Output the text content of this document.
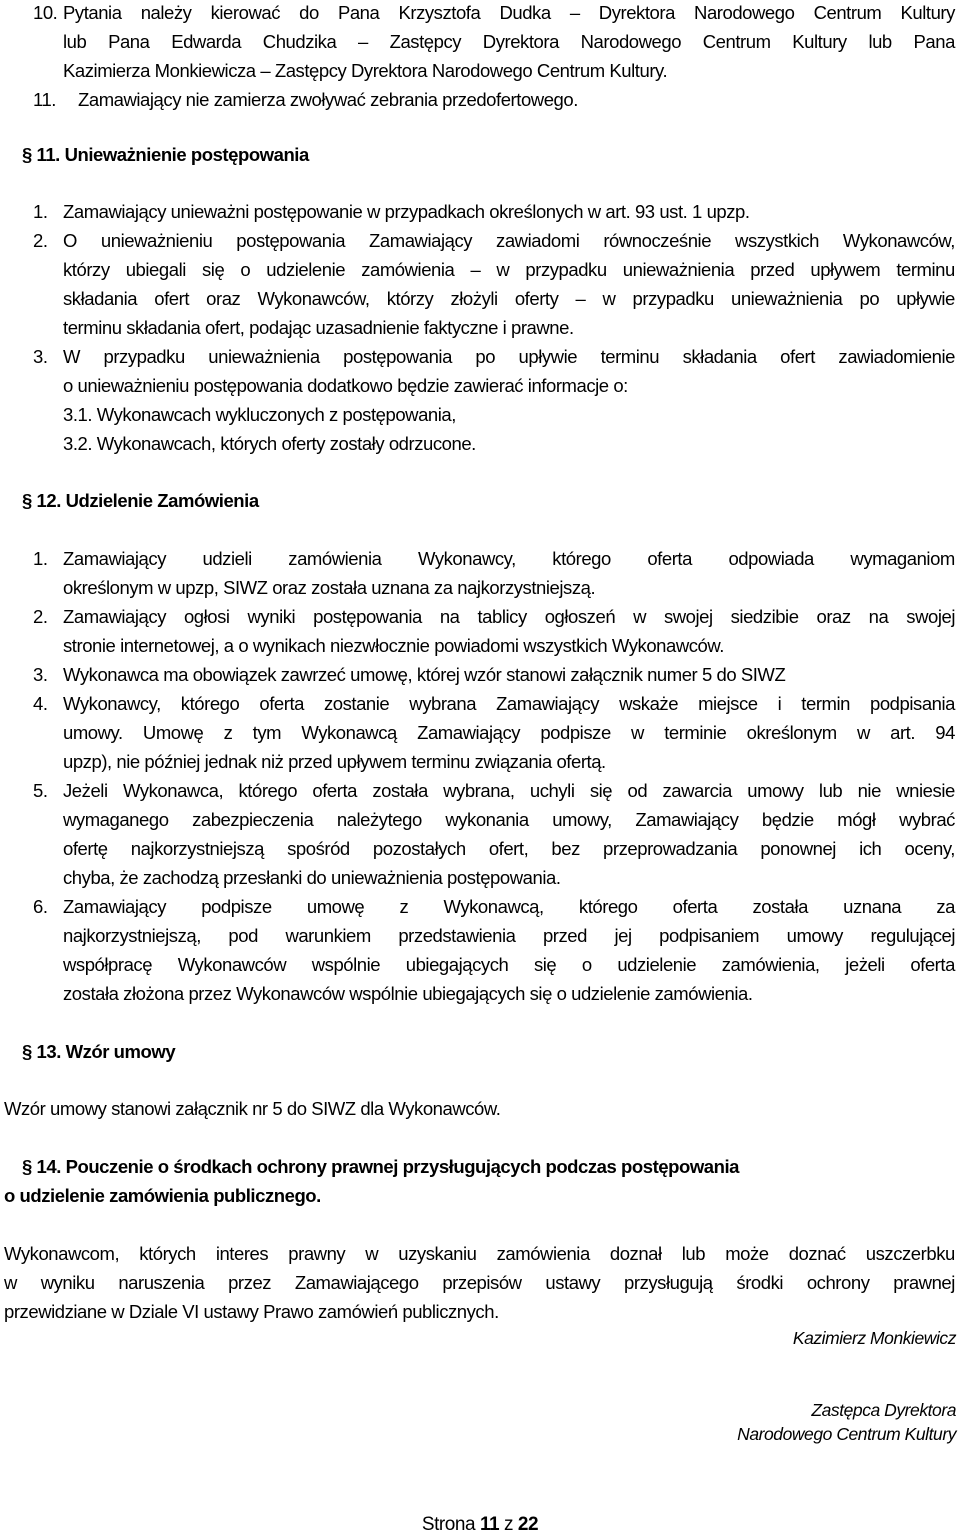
10. Pytania należy kierować do Pana Krzysztofa Dudka – Dyrektora Narodowego Centrum Kultury
lub Pana Edwarda Chudzika – Zastępcy Dyrektora Narodowego Centrum Kultury lub Pana
Kazimierza Monkiewicza – Zastępcy Dyrektora Narodowego Centrum Kultury.
11. Zamawiający nie zamierza zwoływać zebrania przedofertowego.
§ 11. Unieważnienie postępowania
1. Zamawiający unieważni postępowanie w przypadkach określonych w art. 93 ust. 1 upzp.
2. O unieważnieniu postępowania Zamawiający zawiadomi równocześnie wszystkich Wykonawców,
którzy ubiegali się o udzielenie zamówienia – w przypadku unieważnienia przed upływem terminu
składania ofert oraz Wykonawców, którzy złożyli oferty – w przypadku unieważnienia po upływie
terminu składania ofert, podając uzasadnienie faktyczne i prawne.
3. W przypadku unieważnienia postępowania po upływie terminu składania ofert zawiadomienie
o unieważnieniu postępowania dodatkowo będzie zawierać informacje o:
3.1. Wykonawcach wykluczonych z postępowania,
3.2. Wykonawcach, których oferty zostały odrzucone.
§ 12. Udzielenie Zamówienia
1. Zamawiający udzieli zamówienia Wykonawcy, którego oferta odpowiada wymaganiom
określonym w upzp, SIWZ oraz została uznana za najkorzystniejszą.
2. Zamawiający ogłosi wyniki postępowania na tablicy ogłoszeń w swojej siedzibie oraz na swojej
stronie internetowej, a o wynikach niezwłocznie powiadomi wszystkich Wykonawców.
3. Wykonawca ma obowiązek zawrzeć umowę, której wzór stanowi załącznik numer 5 do SIWZ
4. Wykonawcy, którego oferta zostanie wybrana Zamawiający wskaże miejsce i termin podpisania
umowy. Umowę z tym Wykonawcą Zamawiający podpisze w terminie określonym w art. 94
upzp), nie później jednak niż przed upływem terminu związania ofertą.
5. Jeżeli Wykonawca, którego oferta została wybrana, uchyli się od zawarcia umowy lub nie wniesie
wymaganego zabezpieczenia należytego wykonania umowy, Zamawiający będzie mógł wybrać
ofertę najkorzystniejszą spośród pozostałych ofert, bez przeprowadzania ponownej ich oceny,
chyba, że zachodzą przesłanki do unieważnienia postępowania.
6. Zamawiający podpisze umowę z Wykonawcą, którego oferta została uznana za
najkorzystniejszą, pod warunkiem przedstawienia przed jej podpisaniem umowy regulującej
współpracę Wykonawców wspólnie ubiegających się o udzielenie zamówienia, jeżeli oferta
została złożona przez Wykonawców wspólnie ubiegających się o udzielenie zamówienia.
§ 13. Wzór umowy
Wzór umowy stanowi załącznik nr 5 do SIWZ dla Wykonawców.
§ 14. Pouczenie o środkach ochrony prawnej przysługujących podczas postępowania
o udzielenie zamówienia publicznego.
Wykonawcom, których interes prawny w uzyskaniu zamówienia doznał lub może doznać uszczerbku
w wyniku naruszenia przez Zamawiającego przepisów ustawy przysługują środki ochrony prawnej
przewidziane w Dziale VI ustawy Prawo zamówień publicznych.
Kazimierz Monkiewicz
Zastępca Dyrektora
Narodowego Centrum Kultury
Strona 11 z 22
